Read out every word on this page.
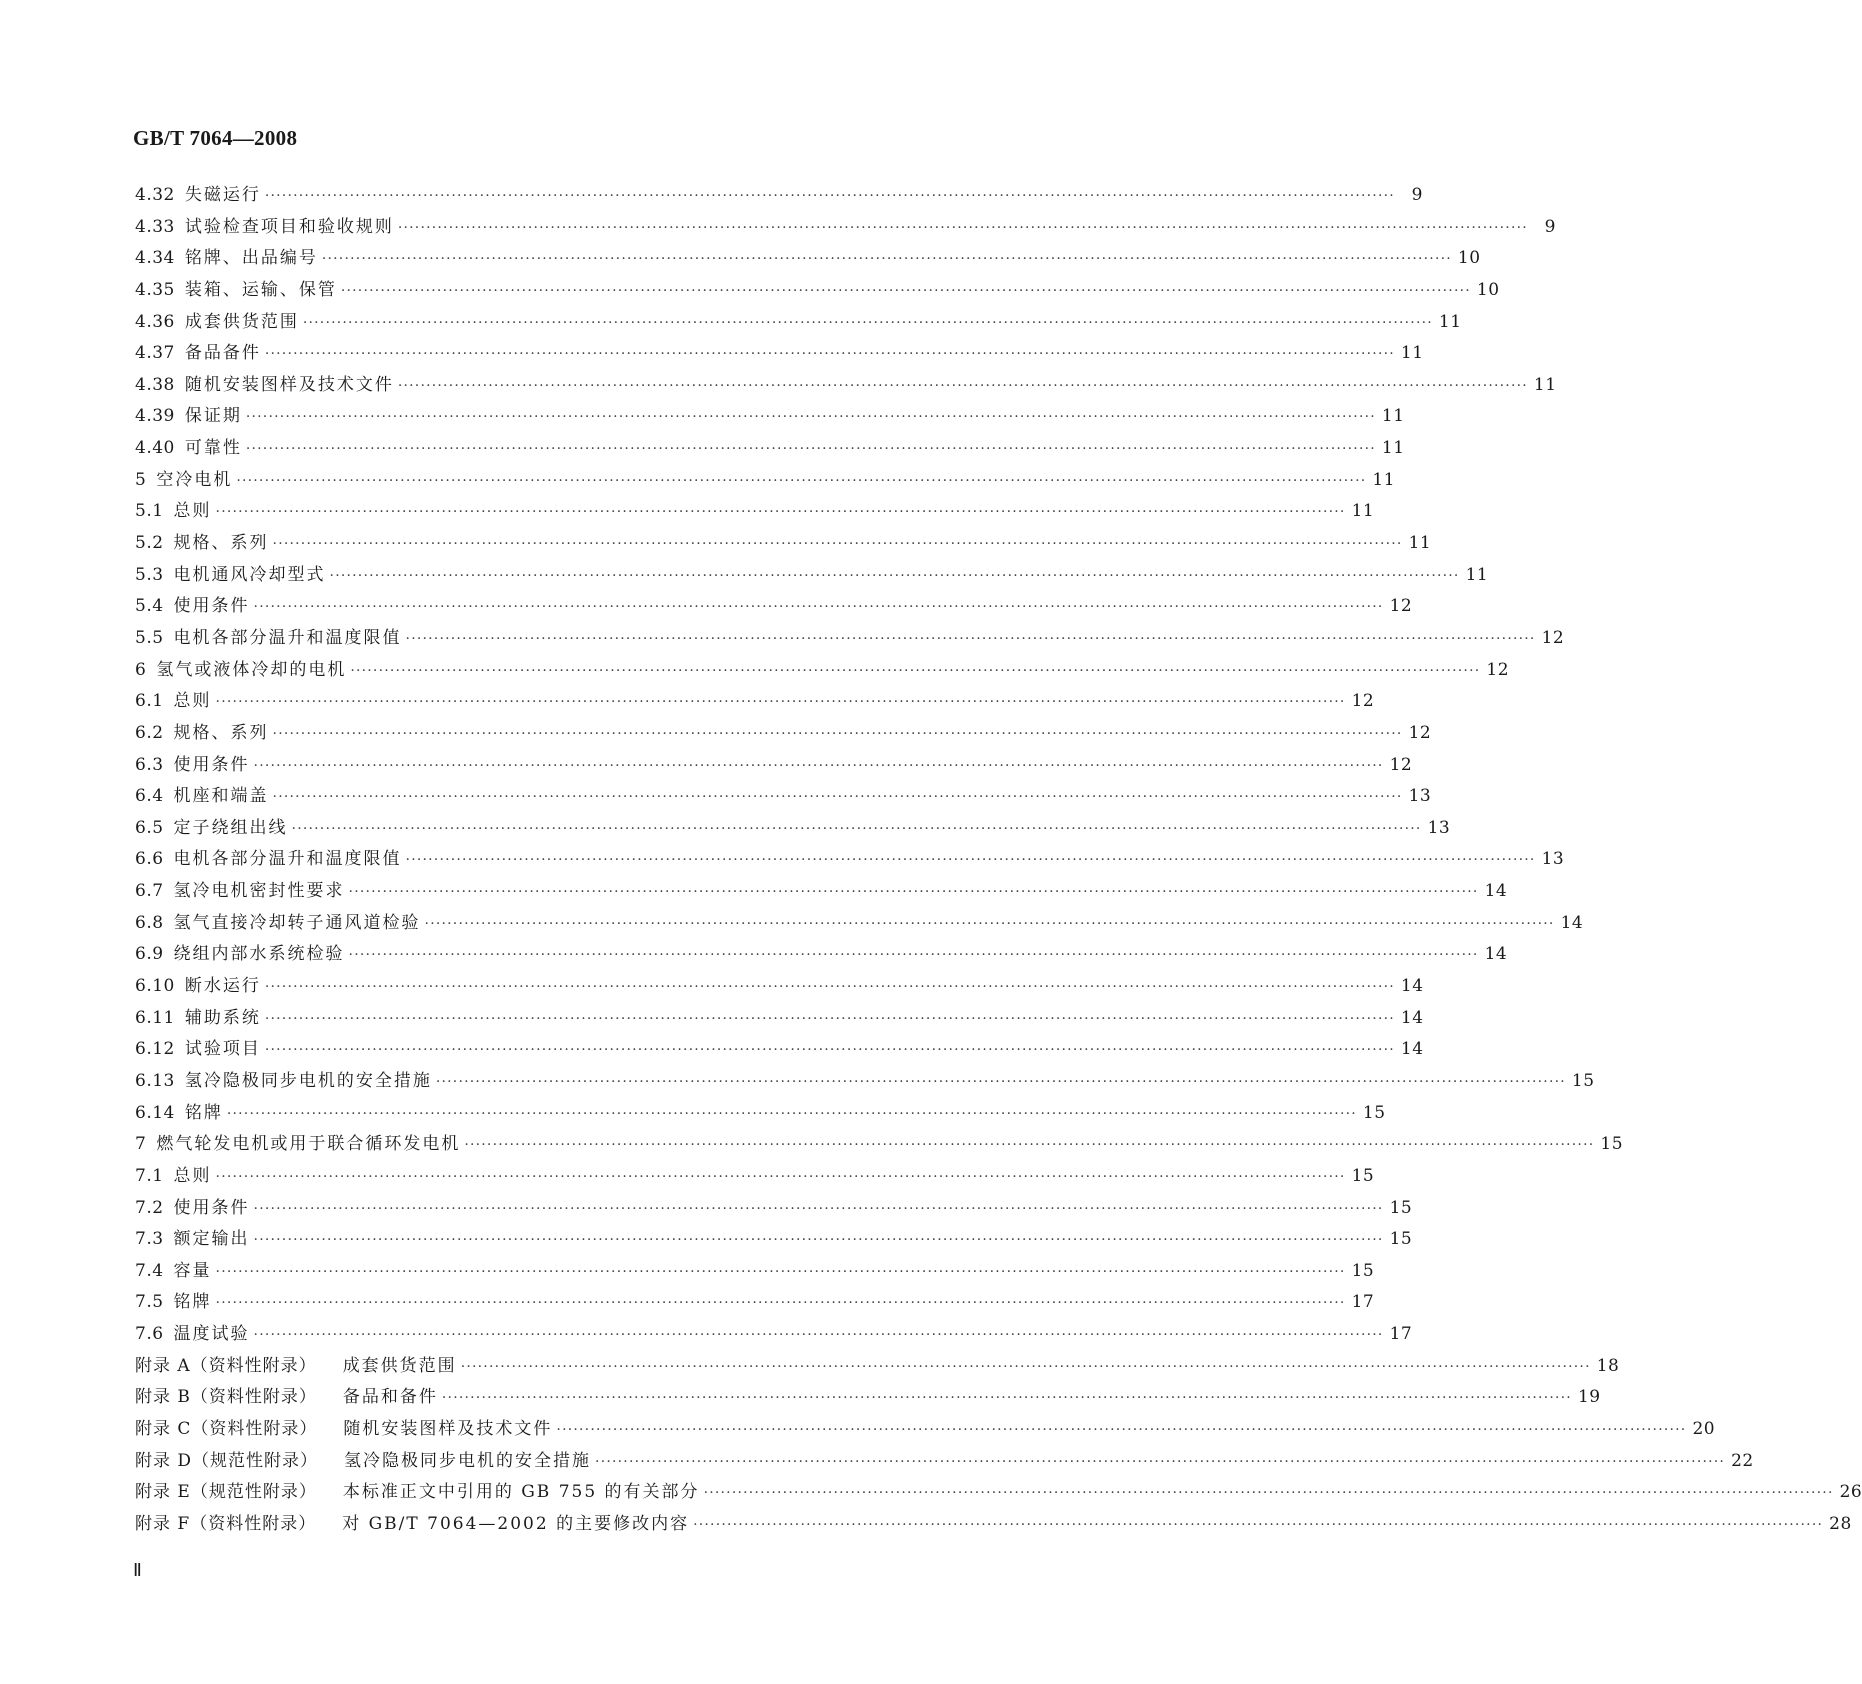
GB/T 7064—2008
4.32 失磁运行 ········································································································································································································ 9
4.33 试验检查项目和验收规则 ········································································································································································································ 9
4.34 铭牌、出品编号 ········································································································································································································ 10
4.35 装箱、运输、保管 ········································································································································································································ 10
4.36 成套供货范围 ········································································································································································································ 11
4.37 备品备件 ········································································································································································································ 11
4.38 随机安装图样及技术文件 ········································································································································································································ 11
4.39 保证期 ········································································································································································································ 11
4.40 可靠性 ········································································································································································································ 11
5 空冷电机 ········································································································································································································ 11
5.1 总则 ········································································································································································································ 11
5.2 规格、系列 ········································································································································································································ 11
5.3 电机通风冷却型式 ········································································································································································································ 11
5.4 使用条件 ········································································································································································································ 12
5.5 电机各部分温升和温度限值 ········································································································································································································ 12
6 氢气或液体冷却的电机 ········································································································································································································ 12
6.1 总则 ········································································································································································································ 12
6.2 规格、系列 ········································································································································································································ 12
6.3 使用条件 ········································································································································································································ 12
6.4 机座和端盖 ········································································································································································································ 13
6.5 定子绕组出线 ········································································································································································································ 13
6.6 电机各部分温升和温度限值 ········································································································································································································ 13
6.7 氢冷电机密封性要求 ········································································································································································································ 14
6.8 氢气直接冷却转子通风道检验 ········································································································································································································ 14
6.9 绕组内部水系统检验 ········································································································································································································ 14
6.10 断水运行 ········································································································································································································ 14
6.11 辅助系统 ········································································································································································································ 14
6.12 试验项目 ········································································································································································································ 14
6.13 氢冷隐极同步电机的安全措施 ········································································································································································································ 15
6.14 铭牌 ········································································································································································································ 15
7 燃气轮发电机或用于联合循环发电机 ········································································································································································································ 15
7.1 总则 ········································································································································································································ 15
7.2 使用条件 ········································································································································································································ 15
7.3 额定输出 ········································································································································································································ 15
7.4 容量 ········································································································································································································ 15
7.5 铭牌 ········································································································································································································ 17
7.6 温度试验 ········································································································································································································ 17
附录 A（资料性附录）	成套供货范围 ········································································································································································································ 18
附录 B（资料性附录）	备品和备件 ········································································································································································································ 19
附录 C（资料性附录）	随机安装图样及技术文件 ········································································································································································································ 20
附录 D（规范性附录）	氢冷隐极同步电机的安全措施 ········································································································································································································ 22
附录 E（规范性附录）	本标准正文中引用的 GB 755 的有关部分 ········································································································································································································ 26
附录 F（资料性附录）	对 GB/T 7064—2002 的主要修改内容 ········································································································································································································ 28
Ⅱ
